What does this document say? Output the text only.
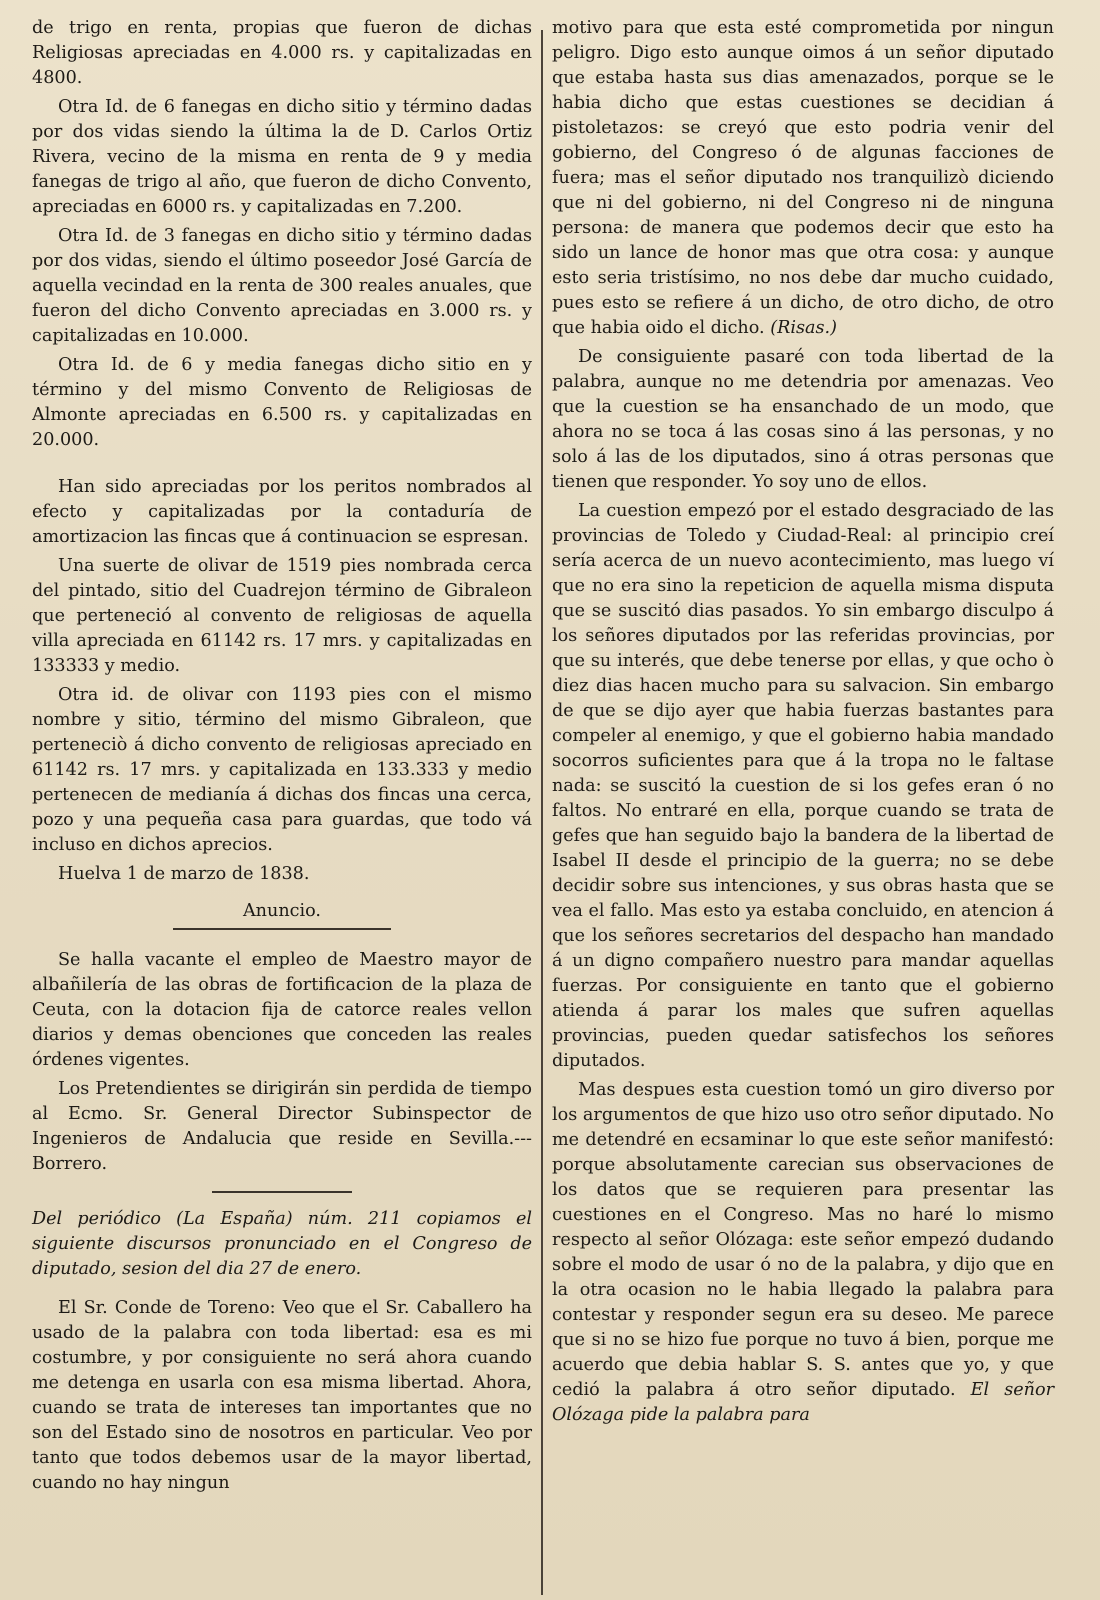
de trigo en renta, propias que fueron de dichas Religiosas apreciadas en 4.000 rs. y capitalizadas en 4800.

Otra Id. de 6 fanegas en dicho sitio y término dadas por dos vidas siendo la última la de D. Carlos Ortiz Rivera, vecino de la misma en renta de 9 y media fanegas de trigo al año, que fueron de dicho Convento, apreciadas en 6000 rs. y capitalizadas en 7.200.

Otra Id. de 3 fanegas en dicho sitio y término dadas por dos vidas, siendo el último poseedor José García de aquella vecindad en la renta de 300 reales anuales, que fueron del dicho Convento apreciadas en 3.000 rs. y capitalizadas en 10.000.

Otra Id. de 6 y media fanegas dicho sitio en y término y del mismo Convento de Religiosas de Almonte apreciadas en 6.500 rs. y capitalizadas en 20.000.

Han sido apreciadas por los peritos nombrados al efecto y capitalizadas por la contaduría de amortizacion las fincas que á continuacion se espresan.

Una suerte de olivar de 1519 pies nombrada cerca del pintado, sitio del Cuadrejon término de Gibraleon que perteneció al convento de religiosas de aquella villa apreciada en 61142 rs. 17 mrs. y capitalizadas en 133333 y medio.

Otra id. de olivar con 1193 pies con el mismo nombre y sitio, término del mismo Gibraleon, que perteneciò á dicho convento de religiosas apreciado en 61142 rs. 17 mrs. y capitalizada en 133.333 y medio pertenecen de medianía á dichas dos fincas una cerca, pozo y una pequeña casa para guardas, que todo vá incluso en dichos aprecios.

Huelva 1 de marzo de 1838.

Anuncio.

Se halla vacante el empleo de Maestro mayor de albañilería de las obras de fortificacion de la plaza de Ceuta, con la dotacion fija de catorce reales vellon diarios y demas obenciones que conceden las reales órdenes vigentes.

Los Pretendientes se dirigirán sin perdida de tiempo al Ecmo. Sr. General Director Subinspector de Ingenieros de Andalucia que reside en Sevilla.---Borrero.

Del periódico (La España) núm. 211 copiamos el siguiente discursos pronunciado en el Congreso de diputado, sesion del dia 27 de enero.

El Sr. Conde de Toreno: Veo que el Sr. Caballero ha usado de la palabra con toda libertad: esa es mi costumbre, y por consiguiente no será ahora cuando me detenga en usarla con esa misma libertad. Ahora, cuando se trata de intereses tan importantes que no son del Estado sino de nosotros en particular. Veo por tanto que todos debemos usar de la mayor libertad, cuando no hay ningun

motivo para que esta esté comprometida por ningun peligro. Digo esto aunque oimos á un señor diputado que estaba hasta sus dias amenazados, porque se le habia dicho que estas cuestiones se decidian á pistoletazos: se creyó que esto podria venir del gobierno, del Congreso ó de algunas facciones de fuera; mas el señor diputado nos tranquilizò diciendo que ni del gobierno, ni del Congreso ni de ninguna persona: de manera que podemos decir que esto ha sido un lance de honor mas que otra cosa: y aunque esto seria tristísimo, no nos debe dar mucho cuidado, pues esto se refiere á un dicho, de otro dicho, de otro que habia oido el dicho. (Risas.)

De consiguiente pasaré con toda libertad de la palabra, aunque no me detendria por amenazas. Veo que la cuestion se ha ensanchado de un modo, que ahora no se toca á las cosas sino á las personas, y no solo á las de los diputados, sino á otras personas que tienen que responder. Yo soy uno de ellos.

La cuestion empezó por el estado desgraciado de las provincias de Toledo y Ciudad-Real: al principio creí sería acerca de un nuevo acontecimiento, mas luego ví que no era sino la repeticion de aquella misma disputa que se suscitó dias pasados. Yo sin embargo disculpo á los señores diputados por las referidas provincias, por que su interés, que debe tenerse por ellas, y que ocho ò diez dias hacen mucho para su salvacion. Sin embargo de que se dijo ayer que habia fuerzas bastantes para compeler al enemigo, y que el gobierno habia mandado socorros suficientes para que á la tropa no le faltase nada: se suscitó la cuestion de si los gefes eran ó no faltos. No entraré en ella, porque cuando se trata de gefes que han seguido bajo la bandera de la libertad de Isabel II desde el principio de la guerra; no se debe decidir sobre sus intenciones, y sus obras hasta que se vea el fallo. Mas esto ya estaba concluido, en atencion á que los señores secretarios del despacho han mandado á un digno compañero nuestro para mandar aquellas fuerzas. Por consiguiente en tanto que el gobierno atienda á parar los males que sufren aquellas provincias, pueden quedar satisfechos los señores diputados.

Mas despues esta cuestion tomó un giro diverso por los argumentos de que hizo uso otro señor diputado. No me detendré en ecsaminar lo que este señor manifestó: porque absolutamente carecian sus observaciones de los datos que se requieren para presentar las cuestiones en el Congreso. Mas no haré lo mismo respecto al señor Olózaga: este señor empezó dudando sobre el modo de usar ó no de la palabra, y dijo que en la otra ocasion no le habia llegado la palabra para contestar y responder segun era su deseo. Me parece que si no se hizo fue porque no tuvo á bien, porque me acuerdo que debia hablar S. S. antes que yo, y que cedió la palabra á otro señor diputado. El señor Olózaga pide la palabra para
